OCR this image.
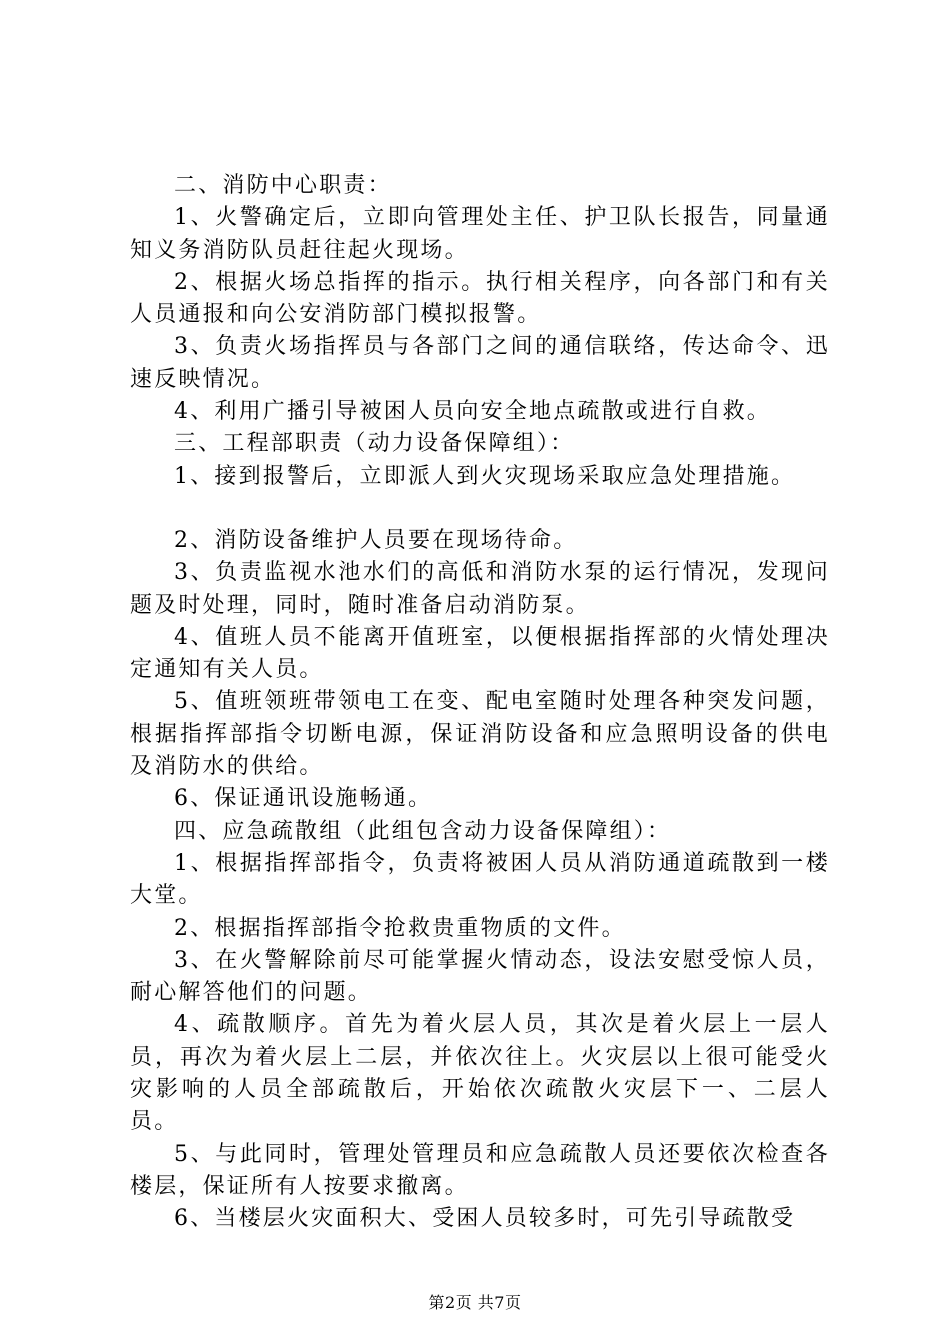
二、消防中心职责：

1、火警确定后，立即向管理处主任、护卫队长报告，同量通知义务消防队员赶往起火现场。

2、根据火场总指挥的指示。执行相关程序，向各部门和有关人员通报和向公安消防部门模拟报警。

3、负责火场指挥员与各部门之间的通信联络，传达命令、迅速反映情况。

4、利用广播引导被困人员向安全地点疏散或进行自救。

三、工程部职责（动力设备保障组）：

1、接到报警后，立即派人到火灾现场采取应急处理措施。

2、消防设备维护人员要在现场待命。

3、负责监视水池水们的高低和消防水泵的运行情况，发现问题及时处理，同时，随时准备启动消防泵。

4、值班人员不能离开值班室，以便根据指挥部的火情处理决定通知有关人员。

5、值班领班带领电工在变、配电室随时处理各种突发问题，根据指挥部指令切断电源，保证消防设备和应急照明设备的供电及消防水的供给。

6、保证通讯设施畅通。

四、应急疏散组（此组包含动力设备保障组）：

1、根据指挥部指令，负责将被困人员从消防通道疏散到一楼大堂。

2、根据指挥部指令抢救贵重物质的文件。

3、在火警解除前尽可能掌握火情动态，设法安慰受惊人员，耐心解答他们的问题。

4、疏散顺序。首先为着火层人员，其次是着火层上一层人员，再次为着火层上二层，并依次往上。火灾层以上很可能受火灾影响的人员全部疏散后，开始依次疏散火灾层下一、二层人员。

5、与此同时，管理处管理员和应急疏散人员还要依次检查各楼层，保证所有人按要求撤离。

6、当楼层火灾面积大、受困人员较多时，可先引导疏散受

第2页 共7页
